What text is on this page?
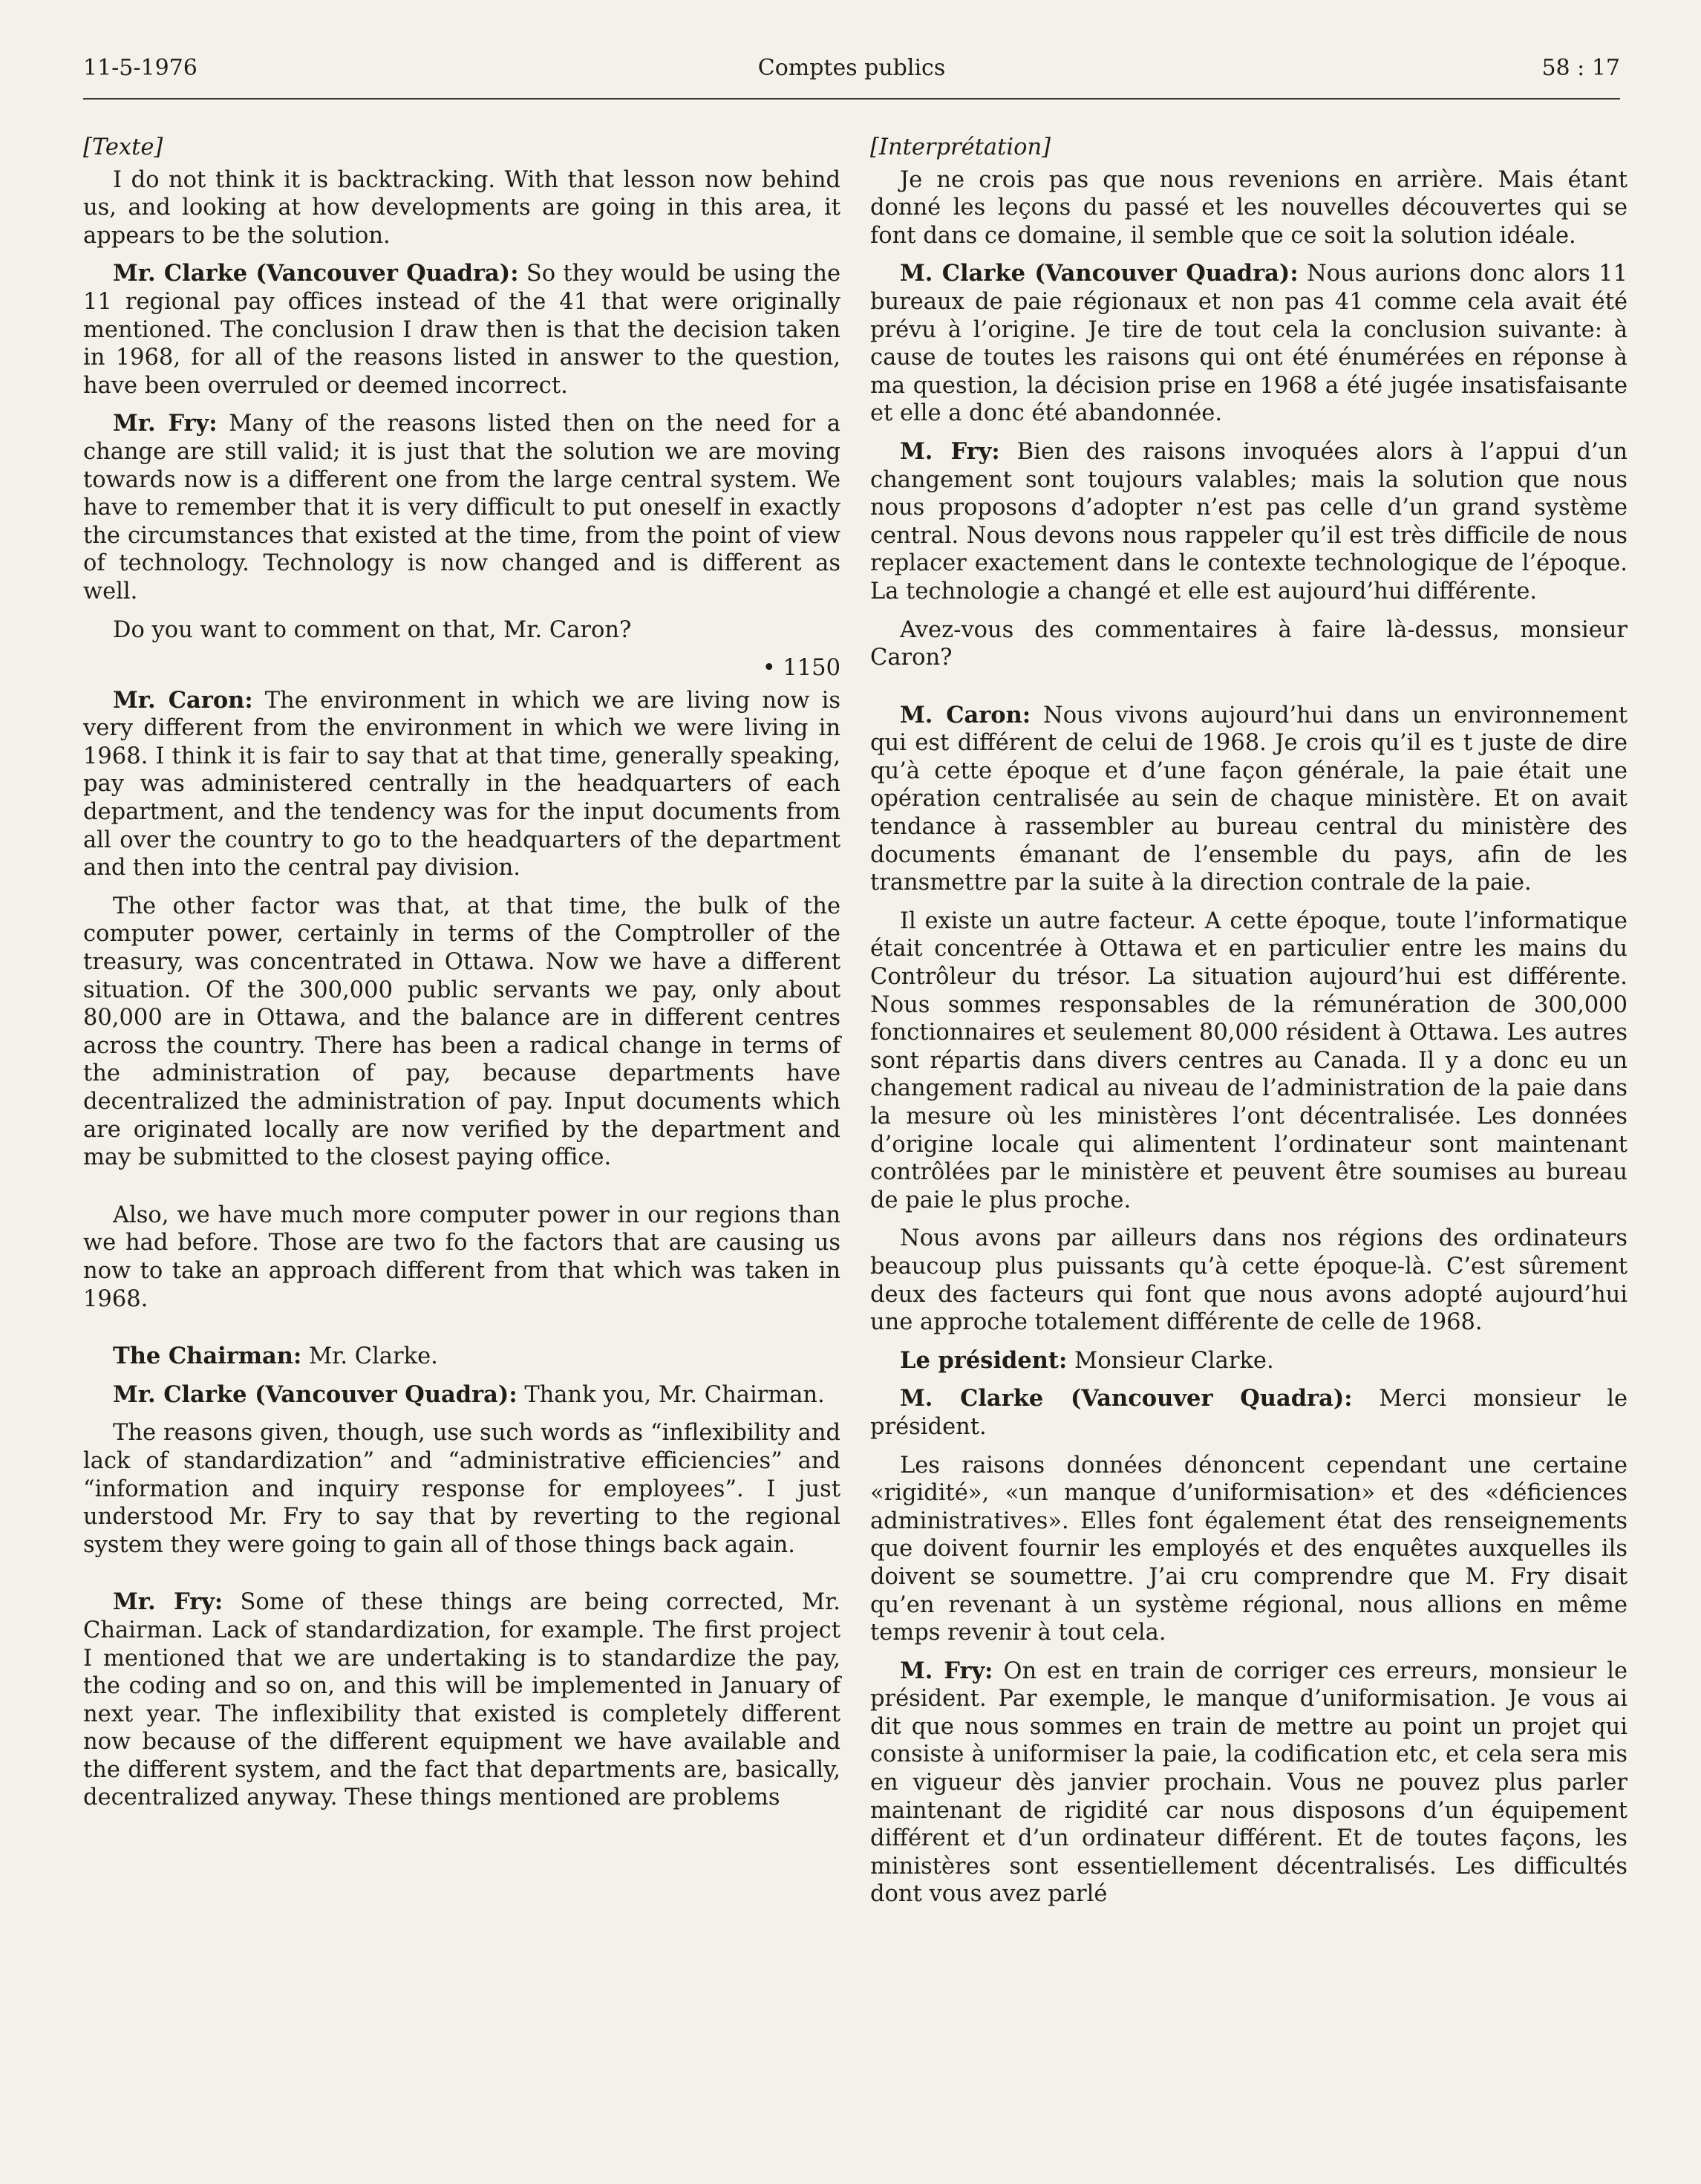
11-5-1976	Comptes publics	58 : 17

[Texte]

I do not think it is backtracking. With that lesson now behind us, and looking at how developments are going in this area, it appears to be the solution.

Mr. Clarke (Vancouver Quadra): So they would be using the 11 regional pay offices instead of the 41 that were originally mentioned. The conclusion I draw then is that the decision taken in 1968, for all of the reasons listed in answer to the question, have been overruled or deemed incorrect.

Mr. Fry: Many of the reasons listed then on the need for a change are still valid; it is just that the solution we are moving towards now is a different one from the large central system. We have to remember that it is very difficult to put oneself in exactly the circumstances that existed at the time, from the point of view of technology. Technology is now changed and is different as well.

Do you want to comment on that, Mr. Caron?

• 1150

Mr. Caron: The environment in which we are living now is very different from the environment in which we were living in 1968. I think it is fair to say that at that time, generally speaking, pay was administered centrally in the headquarters of each department, and the tendency was for the input documents from all over the country to go to the headquarters of the department and then into the central pay division.

The other factor was that, at that time, the bulk of the computer power, certainly in terms of the Comptroller of the treasury, was concentrated in Ottawa. Now we have a different situation. Of the 300,000 public servants we pay, only about 80,000 are in Ottawa, and the balance are in different centres across the country. There has been a radical change in terms of the administration of pay, because departments have decentralized the administration of pay. Input documents which are originated locally are now verified by the department and may be submitted to the closest paying office.

Also, we have much more computer power in our regions than we had before. Those are two fo the factors that are causing us now to take an approach different from that which was taken in 1968.

The Chairman: Mr. Clarke.

Mr. Clarke (Vancouver Quadra): Thank you, Mr. Chairman.

The reasons given, though, use such words as “inflexibility and lack of standardization” and “administrative efficiencies” and “information and inquiry response for employees”. I just understood Mr. Fry to say that by reverting to the regional system they were going to gain all of those things back again.

Mr. Fry: Some of these things are being corrected, Mr. Chairman. Lack of standardization, for example. The first project I mentioned that we are undertaking is to standardize the pay, the coding and so on, and this will be implemented in January of next year. The inflexibility that existed is completely different now because of the different equipment we have available and the different system, and the fact that departments are, basically, decentralized anyway. These things mentioned are problems

[Interprétation]

Je ne crois pas que nous revenions en arrière. Mais étant donné les leçons du passé et les nouvelles découvertes qui se font dans ce domaine, il semble que ce soit la solution idéale.

M. Clarke (Vancouver Quadra): Nous aurions donc alors 11 bureaux de paie régionaux et non pas 41 comme cela avait été prévu à l’origine. Je tire de tout cela la conclusion suivante: à cause de toutes les raisons qui ont été énumérées en réponse à ma question, la décision prise en 1968 a été jugée insatisfaisante et elle a donc été abandonnée.

M. Fry: Bien des raisons invoquées alors à l’appui d’un changement sont toujours valables; mais la solution que nous nous proposons d’adopter n’est pas celle d’un grand système central. Nous devons nous rappeler qu’il est très difficile de nous replacer exactement dans le contexte technologique de l’époque. La technologie a changé et elle est aujourd’hui différente.

Avez-vous des commentaires à faire là-dessus, monsieur Caron?

M. Caron: Nous vivons aujourd’hui dans un environnement qui est différent de celui de 1968. Je crois qu’il es t juste de dire qu’à cette époque et d’une façon générale, la paie était une opération centralisée au sein de chaque ministère. Et on avait tendance à rassembler au bureau central du ministère des documents émanant de l’ensemble du pays, afin de les transmettre par la suite à la direction contrale de la paie.

Il existe un autre facteur. A cette époque, toute l’informatique était concentrée à Ottawa et en particulier entre les mains du Contrôleur du trésor. La situation aujourd’hui est différente. Nous sommes responsables de la rémunération de 300,000 fonctionnaires et seulement 80,000 résident à Ottawa. Les autres sont répartis dans divers centres au Canada. Il y a donc eu un changement radical au niveau de l’administration de la paie dans la mesure où les ministères l’ont décentralisée. Les données d’origine locale qui alimentent l’ordinateur sont maintenant contrôlées par le ministère et peuvent être soumises au bureau de paie le plus proche.

Nous avons par ailleurs dans nos régions des ordinateurs beaucoup plus puissants qu’à cette époque-là. C’est sûrement deux des facteurs qui font que nous avons adopté aujourd’hui une approche totalement différente de celle de 1968.

Le président: Monsieur Clarke.

M. Clarke (Vancouver Quadra): Merci monsieur le président.

Les raisons données dénoncent cependant une certaine «rigidité», «un manque d’uniformisation» et des «déficiences administratives». Elles font également état des renseignements que doivent fournir les employés et des enquêtes auxquelles ils doivent se soumettre. J’ai cru comprendre que M. Fry disait qu’en revenant à un système régional, nous allions en même temps revenir à tout cela.

M. Fry: On est en train de corriger ces erreurs, monsieur le président. Par exemple, le manque d’uniformisation. Je vous ai dit que nous sommes en train de mettre au point un projet qui consiste à uniformiser la paie, la codification etc, et cela sera mis en vigueur dès janvier prochain. Vous ne pouvez plus parler maintenant de rigidité car nous disposons d’un équipement différent et d’un ordinateur différent. Et de toutes façons, les ministères sont essentiellement décentralisés. Les difficultés dont vous avez parlé
